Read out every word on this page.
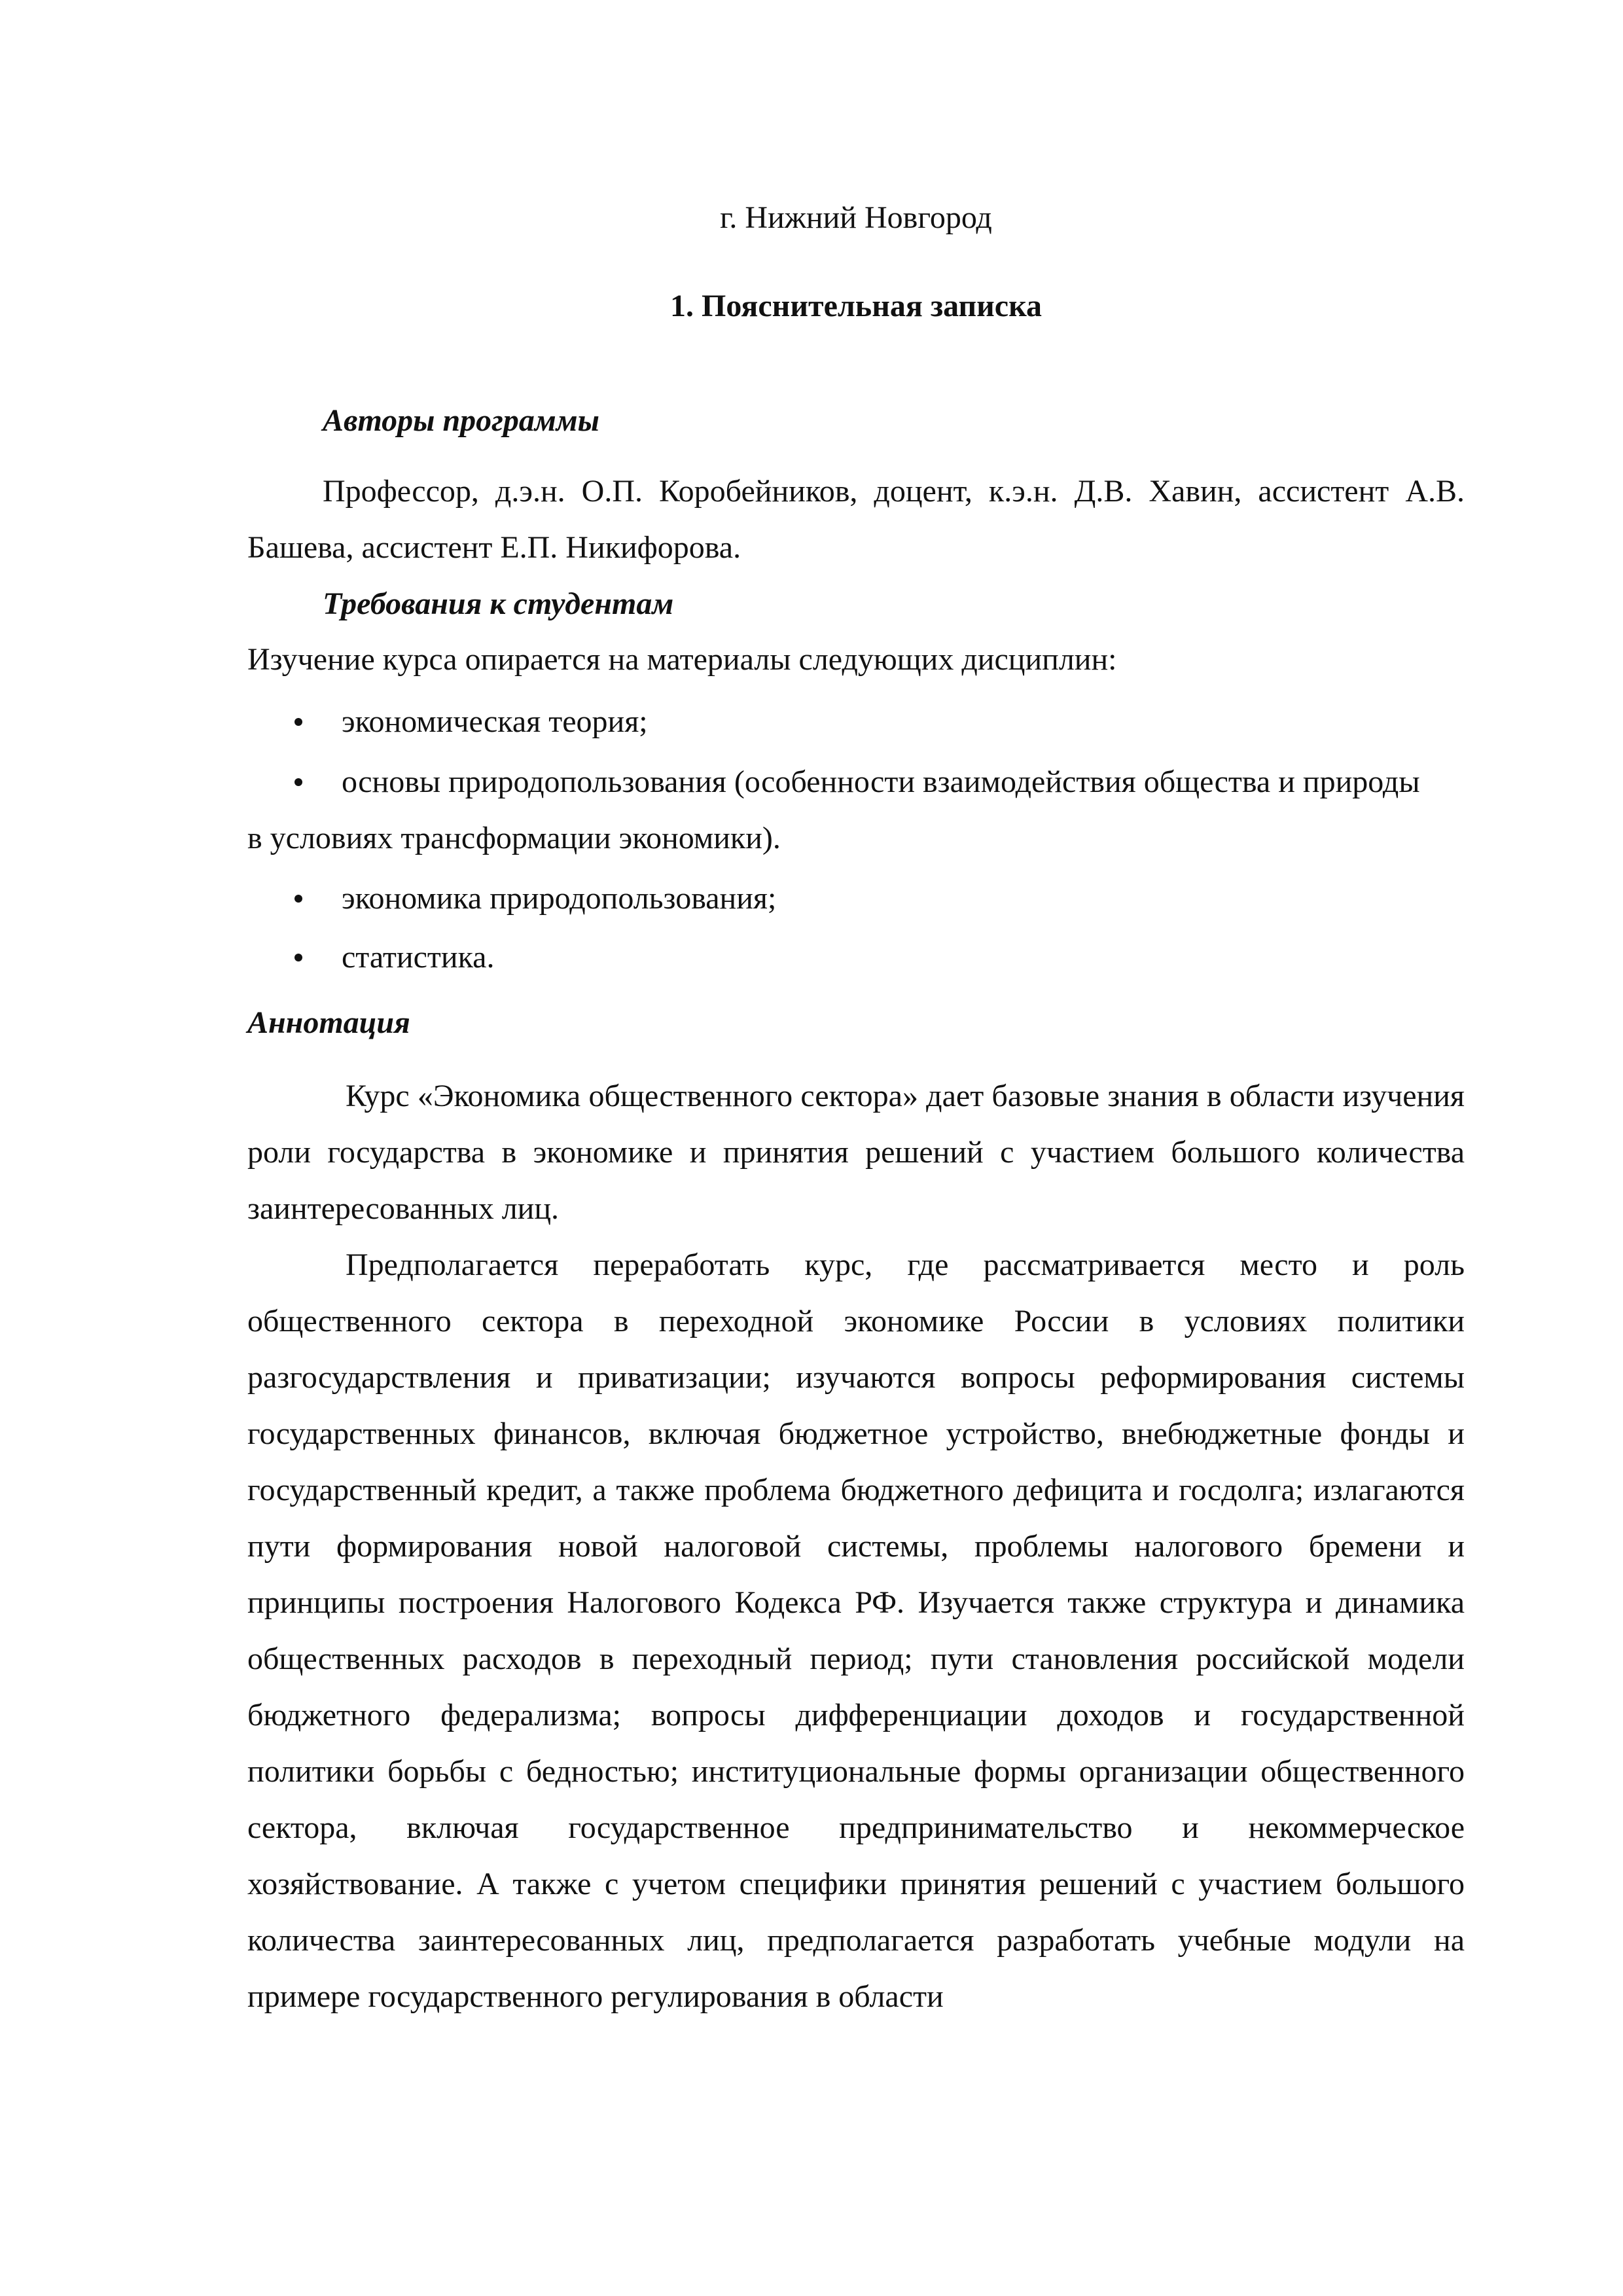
г. Нижний Новгород
1. Пояснительная записка
Авторы программы
Профессор, д.э.н. О.П. Коробейников, доцент, к.э.н. Д.В. Хавин, ассистент А.В. Башева, ассистент Е.П. Никифорова.
Требования к студентам
Изучение курса опирается на материалы следующих дисциплин:
экономическая теория;
основы природопользования (особенности взаимодействия общества и природы
в условиях трансформации экономики).
экономика природопользования;
статистика.
Аннотация
Курс «Экономика общественного сектора» дает базовые знания в области изучения роли государства в экономике и принятия решений с участием большого количества заинтересованных лиц.
Предполагается переработать курс, где рассматривается место и роль общественного сектора в переходной экономике России в условиях политики разгосударствления и приватизации; изучаются вопросы реформирования системы государственных финансов, включая бюджетное устройство, внебюджетные фонды и государственный кредит, а также проблема бюджетного дефицита и госдолга; излагаются пути формирования новой налоговой системы, проблемы налогового бремени и принципы построения Налогового Кодекса РФ. Изучается также структура и динамика общественных расходов в переходный период; пути становления российской модели бюджетного федерализма; вопросы дифференциации доходов и государственной политики борьбы с бедностью; институциональные формы организации общественного сектора, включая государственное предпринимательство и некоммерческое хозяйствование. А также с учетом специфики принятия решений с участием большого количества заинтересованных лиц, предполагается разработать учебные модули на примере государственного регулирования в области
